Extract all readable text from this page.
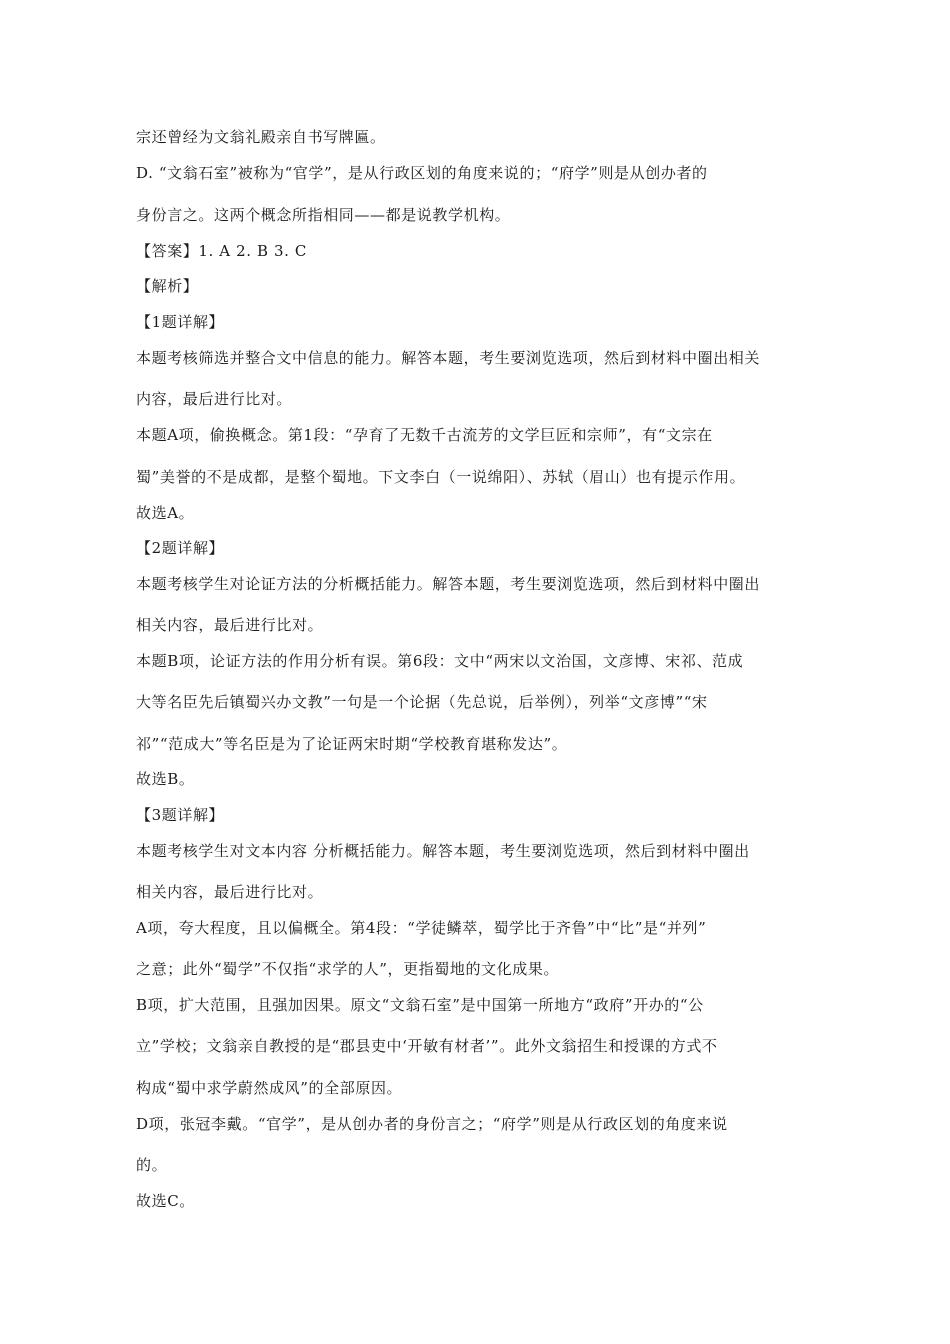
宗还曾经为文翁礼殿亲自书写牌匾。
D. “文翁石室”被称为“官学”，是从行政区划的角度来说的；“府学”则是从创办者的
身份言之。这两个概念所指相同——都是说教学机构。
【答案】1. A 2. B 3. C
【解析】
【1题详解】
本题考核筛选并整合文中信息的能力。解答本题，考生要浏览选项，然后到材料中圈出相关
内容，最后进行比对。
本题A项，偷换概念。第1段：“孕育了无数千古流芳的文学巨匠和宗师”，有“文宗在
蜀”美誉的不是成都，是整个蜀地。下文李白（一说绵阳）、苏轼（眉山）也有提示作用。
故选A。
【2题详解】
本题考核学生对论证方法的分析概括能力。解答本题，考生要浏览选项，然后到材料中圈出
相关内容，最后进行比对。
本题B项，论证方法的作用分析有误。第6段：文中“两宋以文治国，文彦博、宋祁、范成
大等名臣先后镇蜀兴办文教”一句是一个论据（先总说，后举例），列举“文彦博”“宋
祁”“范成大”等名臣是为了论证两宋时期“学校教育堪称发达”。
故选B。
【3题详解】
本题考核学生对文本内容 分析概括能力。解答本题，考生要浏览选项，然后到材料中圈出
相关内容，最后进行比对。
A项，夸大程度，且以偏概全。第4段：“学徒鳞萃，蜀学比于齐鲁”中“比”是“并列”
之意；此外“蜀学”不仅指“求学的人”，更指蜀地的文化成果。
B项，扩大范围，且强加因果。原文“文翁石室”是中国第一所地方“政府”开办的“公
立”学校；文翁亲自教授的是“郡县吏中‘开敏有材者’”。此外文翁招生和授课的方式不
构成“蜀中求学蔚然成风”的全部原因。
D项，张冠李戴。“官学”，是从创办者的身份言之；“府学”则是从行政区划的角度来说
的。
故选C。
